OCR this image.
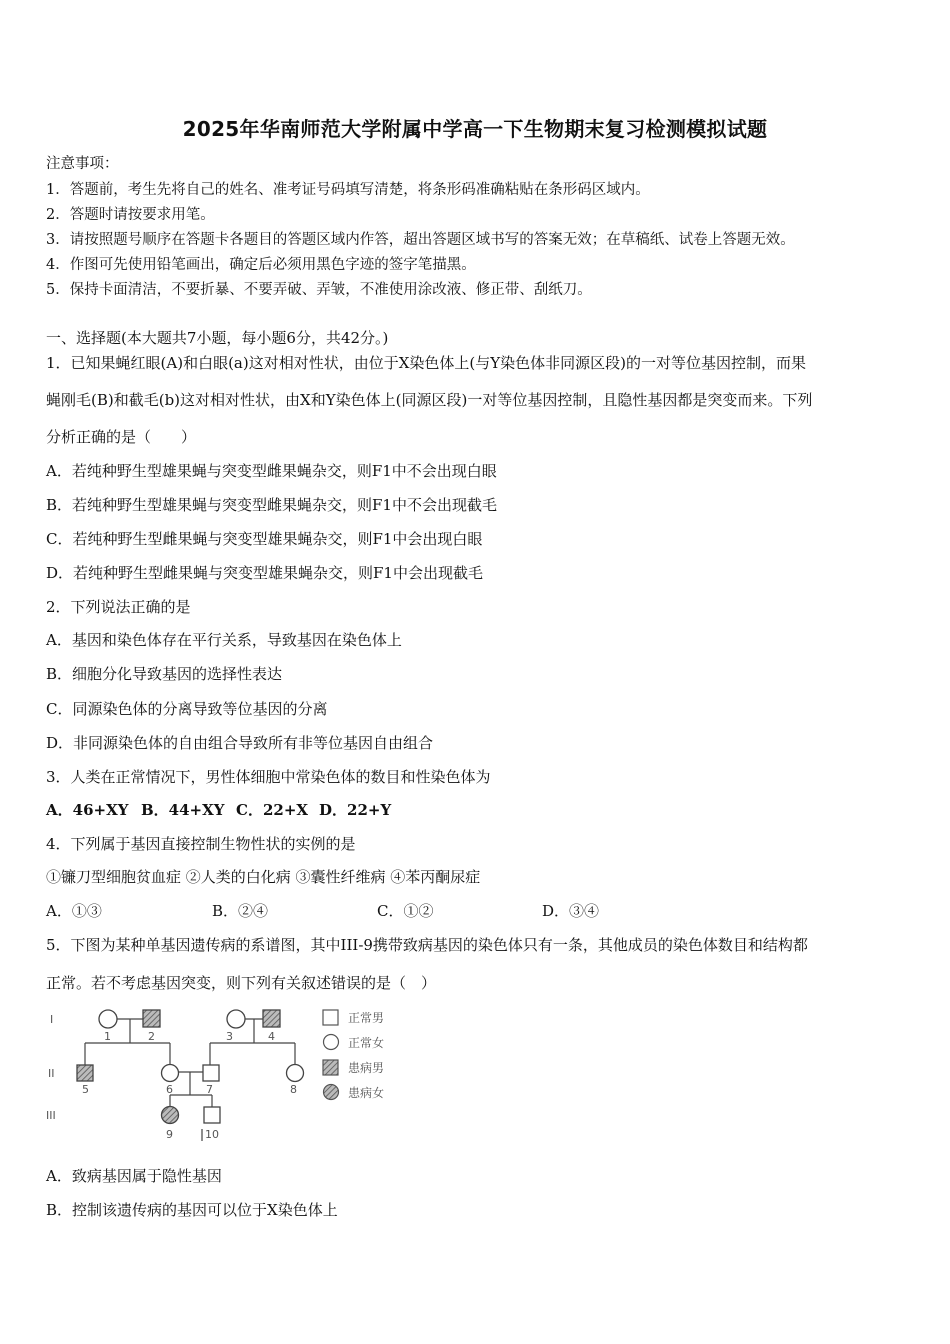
2025年华南师范大学附属中学高一下生物期末复习检测模拟试题
注意事项：
1．答题前，考生先将自己的姓名、准考证号码填写清楚，将条形码准确粘贴在条形码区域内。
2．答题时请按要求用笔。
3．请按照题号顺序在答题卡各题目的答题区域内作答，超出答题区域书写的答案无效；在草稿纸、试卷上答题无效。
4．作图可先使用铅笔画出，确定后必须用黑色字迹的签字笔描黑。
5．保持卡面清洁，不要折暴、不要弄破、弄皱，不准使用涂改液、修正带、刮纸刀。
一、选择题(本大题共7小题，每小题6分，共42分。)
1．已知果蝇红眼(A)和白眼(a)这对相对性状，由位于X染色体上(与Y染色体非同源区段)的一对等位基因控制，而果
蝇刚毛(B)和截毛(b)这对相对性状，由X和Y染色体上(同源区段)一对等位基因控制，且隐性基因都是突变而来。下列
分析正确的是（　　）
A．若纯种野生型雄果蝇与突变型雌果蝇杂交，则F1中不会出现白眼
B．若纯种野生型雄果蝇与突变型雌果蝇杂交，则F1中不会出现截毛
C．若纯种野生型雌果蝇与突变型雄果蝇杂交，则F1中会出现白眼
D．若纯种野生型雌果蝇与突变型雄果蝇杂交，则F1中会出现截毛
2．下列说法正确的是
A．基因和染色体存在平行关系，导致基因在染色体上
B．细胞分化导致基因的选择性表达
C．同源染色体的分离导致等位基因的分离
D．非同源染色体的自由组合导致所有非等位基因自由组合
3．人类在正常情况下，男性体细胞中常染色体的数目和性染色体为
A．46+XY B．44+XY C．22+X D．22+Y
4．下列属于基因直接控制生物性状的实例的是
①镰刀型细胞贫血症 ②人类的白化病 ③囊性纤维病 ④苯丙酮尿症
A．①③	B．②④	C．①②	D．③④
5．下图为某种单基因遗传病的系谱图，其中III-9携带致病基因的染色体只有一条，其他成员的染色体数目和结构都
正常。若不考虑基因突变，则下列有关叙述错误的是（　）
I
II
III
1	2	3	4
5	6	7	8
9	10
正常男
正常女
患病男
患病女
A．致病基因属于隐性基因
B．控制该遗传病的基因可以位于X染色体上
